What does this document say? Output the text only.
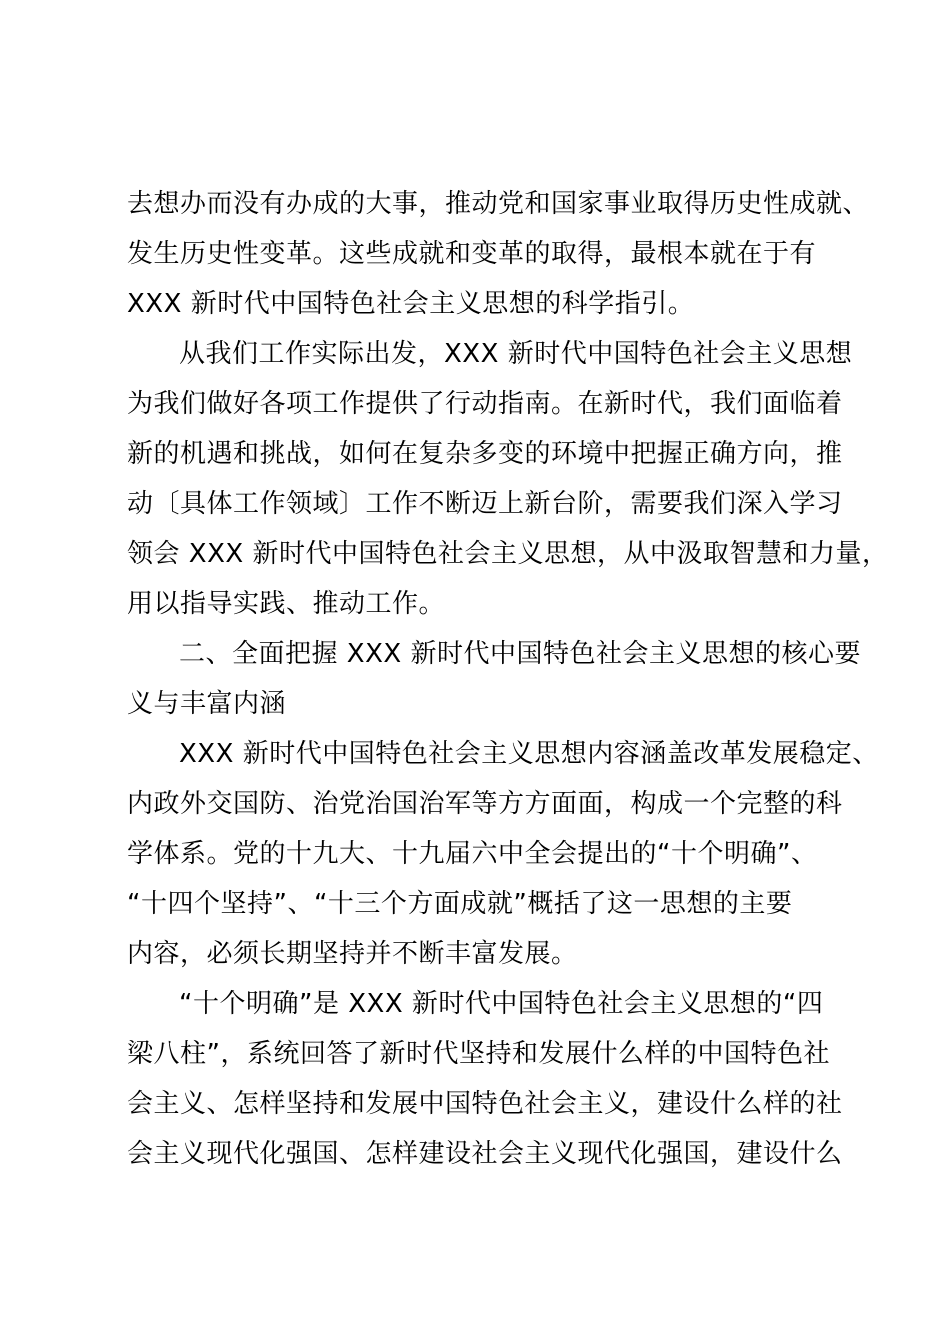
去想办而没有办成的大事，推动党和国家事业取得历史性成就、
发生历史性变革。这些成就和变革的取得，最根本就在于有
XXX 新时代中国特色社会主义思想的科学指引。
从我们工作实际出发，XXX 新时代中国特色社会主义思想
为我们做好各项工作提供了行动指南。在新时代，我们面临着
新的机遇和挑战，如何在复杂多变的环境中把握正确方向，推
动〔具体工作领域〕工作不断迈上新台阶，需要我们深入学习
领会 XXX 新时代中国特色社会主义思想，从中汲取智慧和力量，
用以指导实践、推动工作。
二、全面把握 XXX 新时代中国特色社会主义思想的核心要
义与丰富内涵
XXX 新时代中国特色社会主义思想内容涵盖改革发展稳定、
内政外交国防、治党治国治军等方方面面，构成一个完整的科
学体系。党的十九大、十九届六中全会提出的“十个明确”、
“十四个坚持”、“十三个方面成就”概括了这一思想的主要
内容，必须长期坚持并不断丰富发展。
“十个明确”是 XXX 新时代中国特色社会主义思想的“四
梁八柱”，系统回答了新时代坚持和发展什么样的中国特色社
会主义、怎样坚持和发展中国特色社会主义，建设什么样的社
会主义现代化强国、怎样建设社会主义现代化强国，建设什么
